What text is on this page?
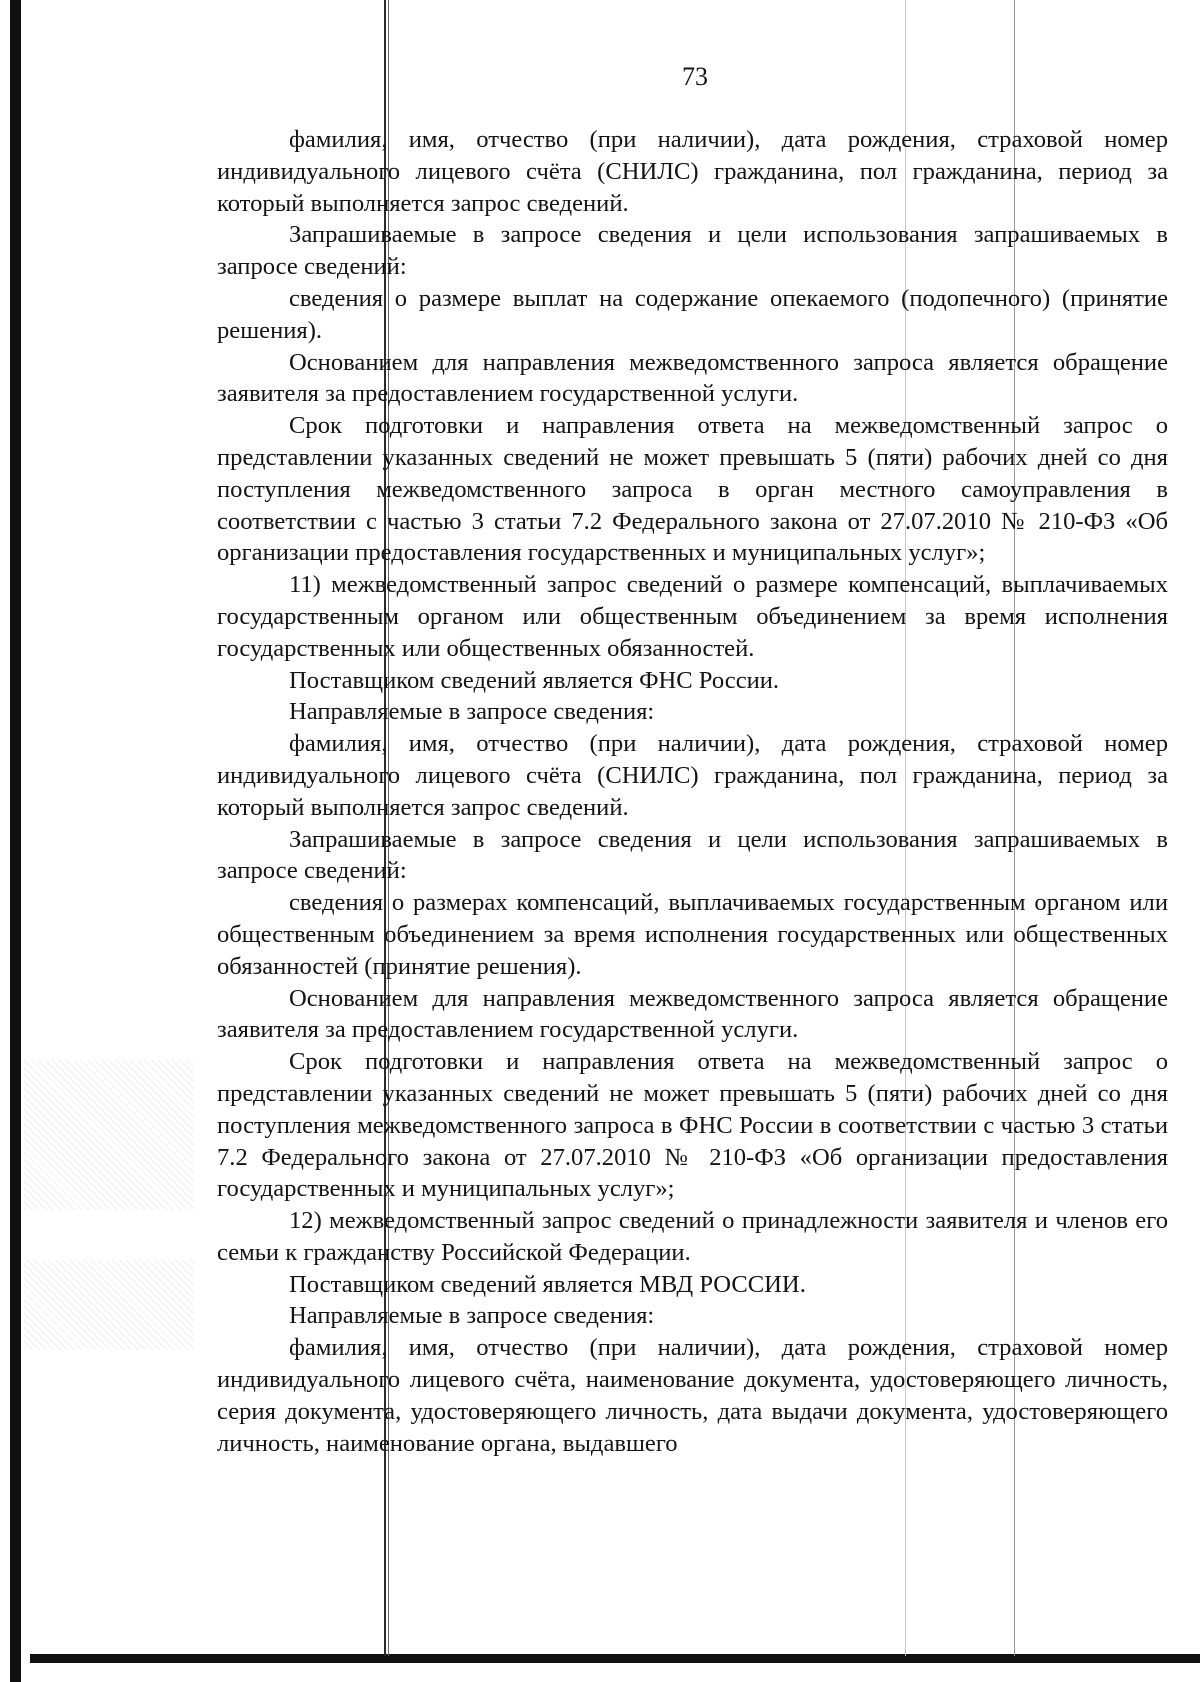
73

фамилия, имя, отчество (при наличии), дата рождения, страховой номер индивидуального лицевого счёта (СНИЛС) гражданина, пол гражданина, период за который выполняется запрос сведений.

Запрашиваемые в запросе сведения и цели использования запрашиваемых в запросе сведений:

сведения о размере выплат на содержание опекаемого (подопечного) (принятие решения).

Основанием для направления межведомственного запроса является обращение заявителя за предоставлением государственной услуги.

Срок подготовки и направления ответа на межведомственный запрос о представлении указанных сведений не может превышать 5 (пяти) рабочих дней со дня поступления межведомственного запроса в орган местного самоуправления в соответствии с частью 3 статьи 7.2 Федерального закона от 27.07.2010 № 210-ФЗ «Об организации предоставления государственных и муниципальных услуг»;

11) межведомственный запрос сведений о размере компенсаций, выплачиваемых государственным органом или общественным объединением за время исполнения государственных или общественных обязанностей.

Поставщиком сведений является ФНС России.

Направляемые в запросе сведения:

фамилия, имя, отчество (при наличии), дата рождения, страховой номер индивидуального лицевого счёта (СНИЛС) гражданина, пол гражданина, период за который выполняется запрос сведений.

Запрашиваемые в запросе сведения и цели использования запрашиваемых в запросе сведений:

сведения о размерах компенсаций, выплачиваемых государственным органом или общественным объединением за время исполнения государственных или общественных обязанностей (принятие решения).

Основанием для направления межведомственного запроса является обращение заявителя за предоставлением государственной услуги.

Срок подготовки и направления ответа на межведомственный запрос о представлении указанных сведений не может превышать 5 (пяти) рабочих дней со дня поступления межведомственного запроса в ФНС России в соответствии с частью 3 статьи 7.2 Федерального закона от 27.07.2010 № 210-ФЗ «Об организации предоставления государственных и муниципальных услуг»;

12) межведомственный запрос сведений о принадлежности заявителя и членов его семьи к гражданству Российской Федерации.

Поставщиком сведений является МВД РОССИИ.

Направляемые в запросе сведения:

фамилия, имя, отчество (при наличии), дата рождения, страховой номер индивидуального лицевого счёта, наименование документа, удостоверяющего личность, серия документа, удостоверяющего личность, дата выдачи документа, удостоверяющего личность, наименование органа, выдавшего
